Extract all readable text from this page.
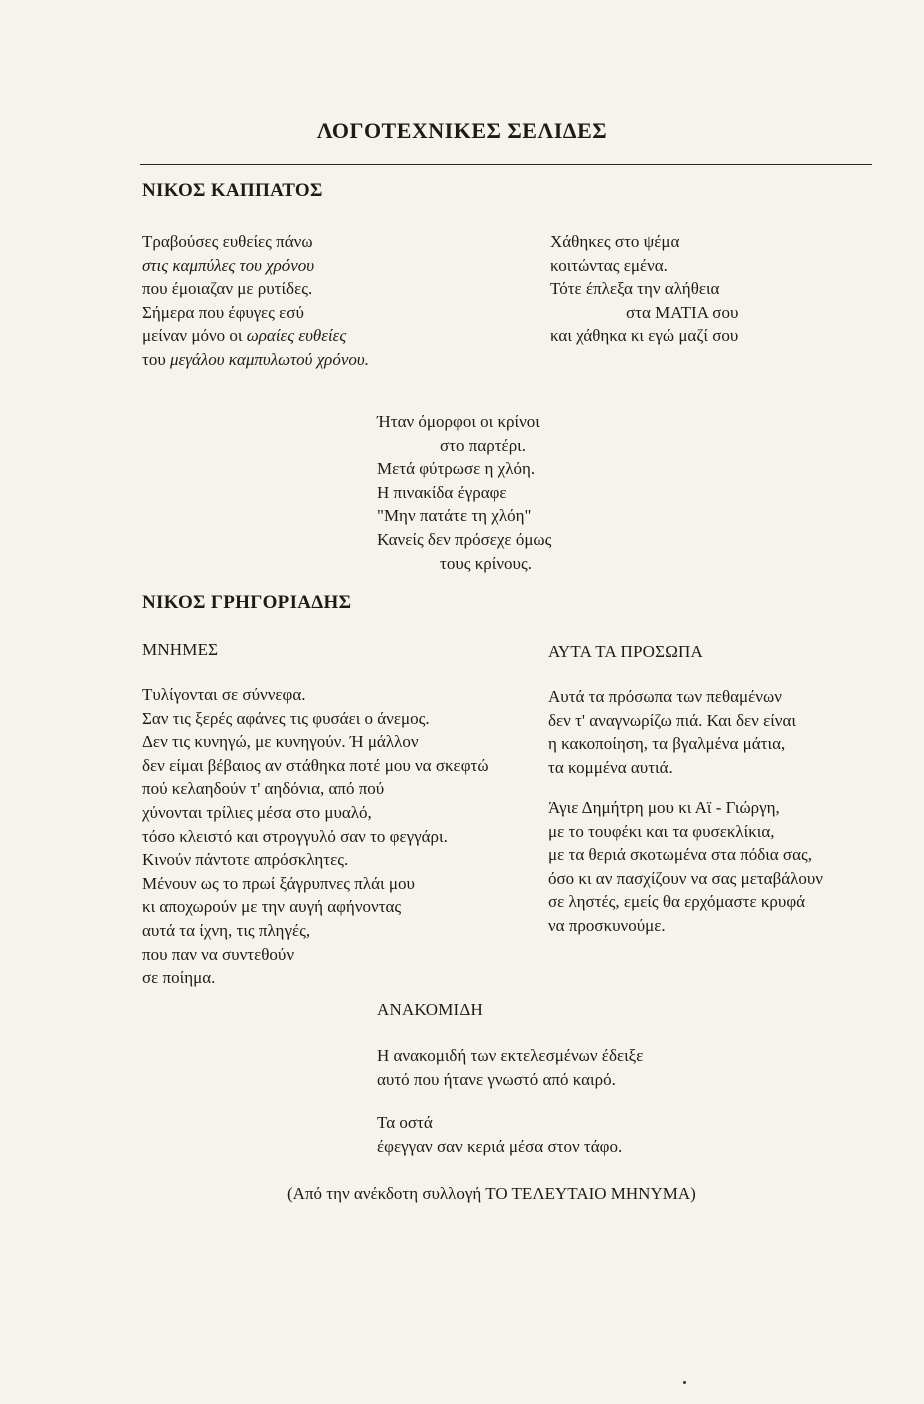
ΛΟΓΟΤΕΧΝΙΚΕΣ ΣΕΛΙΔΕΣ
ΝΙΚΟΣ ΚΑΠΠΑΤΟΣ
Τραβούσες ευθείες πάνω
στις καμπύλες του χρόνου
που έμοιαζαν με ρυτίδες.
Σήμερα που έφυγες εσύ
μείναν μόνο οι ωραίες ευθείες
του μεγάλου καμπυλωτού χρόνου.
Χάθηκες στο ψέμα
κοιτώντας εμένα.
Τότε έπλεξα την αλήθεια
στα ΜΑΤΙΑ σου
και χάθηκα κι εγώ μαζί σου
Ήταν όμορφοι οι κρίνοι
στο παρτέρι.
Μετά φύτρωσε η χλόη.
Η πινακίδα έγραφε
"Μην πατάτε τη χλόη"
Κανείς δεν πρόσεχε όμως
τους κρίνους.
ΝΙΚΟΣ ΓΡΗΓΟΡΙΑΔΗΣ
ΜΝΗΜΕΣ
Τυλίγονται σε σύννεφα.
Σαν τις ξερές αφάνες τις φυσάει ο άνεμος.
Δεν τις κυνηγώ, με κυνηγούν. Ή μάλλον
δεν είμαι βέβαιος αν στάθηκα ποτέ μου να σκεφτώ
πού κελαηδούν τ' αηδόνια, από πού
χύνονται τρίλιες μέσα στο μυαλό,
τόσο κλειστό και στρογγυλό σαν το φεγγάρι.
Κινούν πάντοτε απρόσκλητες.
Μένουν ως το πρωί ξάγρυπνες πλάι μου
κι αποχωρούν με την αυγή αφήνοντας
αυτά τα ίχνη, τις πληγές,
που παν να συντεθούν
σε ποίημα.
ΑΥΤΑ ΤΑ ΠΡΟΣΩΠΑ
Αυτά τα πρόσωπα των πεθαμένων
δεν τ' αναγνωρίζω πιά. Και δεν είναι
η κακοποίηση, τα βγαλμένα μάτια,
τα κομμένα αυτιά.
Άγιε Δημήτρη μου κι Αϊ - Γιώργη,
με το τουφέκι και τα φυσεκλίκια,
με τα θεριά σκοτωμένα στα πόδια σας,
όσο κι αν πασχίζουν να σας μεταβάλουν
σε ληστές, εμείς θα ερχόμαστε κρυφά
να προσκυνούμε.
ΑΝΑΚΟΜΙΔΗ
Η ανακομιδή των εκτελεσμένων έδειξε
αυτό που ήτανε γνωστό από καιρό.
Τα οστά
έφεγγαν σαν κεριά μέσα στον τάφο.
(Από την ανέκδοτη συλλογή ΤΟ ΤΕΛΕΥΤΑΙΟ ΜΗΝΥΜΑ)
